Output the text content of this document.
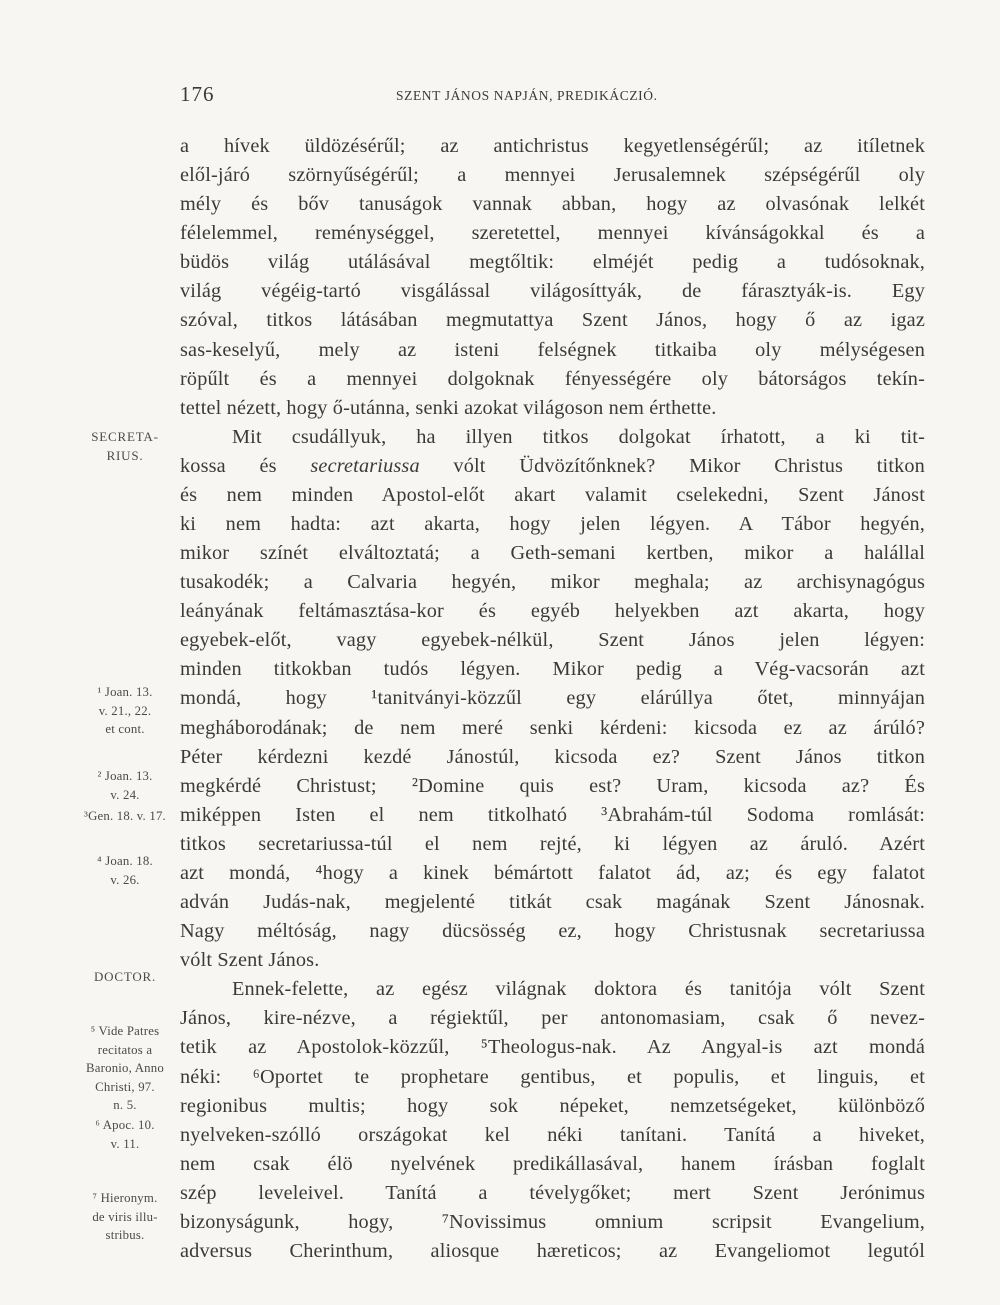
176	SZENT JÁNOS NAPJÁN, PREDIKÁCZIÓ.
a hívek üldözésérűl; az antichristus kegyetlenségérűl; az itíletnek
elől-járó szörnyűségérűl; a mennyei Jerusalemnek szépségérűl oly
mély és bőv tanuságok vannak abban, hogy az olvasónak lelkét
félelemmel, reménységgel, szeretettel, mennyei kívánságokkal és a
büdös világ utálásával megtőltik: elméjét pedig a tudósoknak,
világ végéig-tartó visgálással világosíttyák, de fárasztyák-is. Egy
szóval, titkos látásában megmutattya Szent János, hogy ő az igaz
sas-keselyű, mely az isteni felségnek titkaiba oly mélységesen
röpűlt és a mennyei dolgoknak fényességére oly bátorságos tekín-
tettel nézett, hogy ő-utánna, senki azokat világoson nem érthette.
Mit csudállyuk, ha illyen titkos dolgokat írhatott, a ki tit-
kossa és secretariussa vólt Üdvözítőnknek? Mikor Christus titkon
és nem minden Apostol-előt akart valamit cselekedni, Szent Jánost
ki nem hadta: azt akarta, hogy jelen légyen. A Tábor hegyén,
mikor színét elváltoztatá; a Geth-semani kertben, mikor a halállal
tusakodék; a Calvaria hegyén, mikor meghala; az archisynagógus
leányának feltámasztása-kor és egyéb helyekben azt akarta, hogy
egyebek-előt, vagy egyebek-nélkül, Szent János jelen légyen:
minden titkokban tudós légyen. Mikor pedig a Vég-vacsorán azt
mondá, hogy ¹tanitványi-közzűl egy elárúllya őtet, minnyájan
megháborodának; de nem meré senki kérdeni: kicsoda ez az árúló?
Péter kérdezni kezdé Jánostúl, kicsoda ez? Szent János titkon
megkérdé Christust; ²Domine quis est? Uram, kicsoda az? És
miképpen Isten el nem titkolható ³Abrahám-túl Sodoma romlását:
titkos secretariussa-túl el nem rejté, ki légyen az áruló. Azért
azt mondá, ⁴hogy a kinek bémártott falatot ád, az; és egy falatot
adván Judás-nak, megjelenté titkát csak magának Szent Jánosnak.
Nagy méltóság, nagy dücsösség ez, hogy Christusnak secretariussa
vólt Szent János.
Ennek-felette, az egész világnak doktora és tanitója vólt Szent
János, kire-nézve, a régiektűl, per antonomasiam, csak ő nevez-
tetik az Apostolok-közzűl, ⁵Theologus-nak. Az Angyal-is azt mondá
néki: ⁶Oportet te prophetare gentibus, et populis, et linguis, et
regionibus multis; hogy sok népeket, nemzetségeket, különböző
nyelveken-szólló országokat kel néki tanítani. Tanítá a hiveket,
nem csak élö nyelvének predikállasával, hanem írásban foglalt
szép leveleivel. Tanítá a tévelygőket; mert Szent Jerónimus
bizonyságunk, hogy, ⁷Novissimus omnium scripsit Evangelium,
adversus Cherinthum, aliosque hæreticos; az Evangeliomot legutól
SECRETA-
RIUS.
¹ Joan. 13.
v. 21., 22.
et cont.
² Joan. 13.
v. 24.
³Gen. 18. v. 17.
⁴ Joan. 18.
v. 26.
DOCTOR.
⁵ Vide Patres
recitatos a
Baronio, Anno
Christi, 97.
n. 5.
⁶ Apoc. 10.
v. 11.
⁷ Hieronym.
de viris illu-
stribus.
